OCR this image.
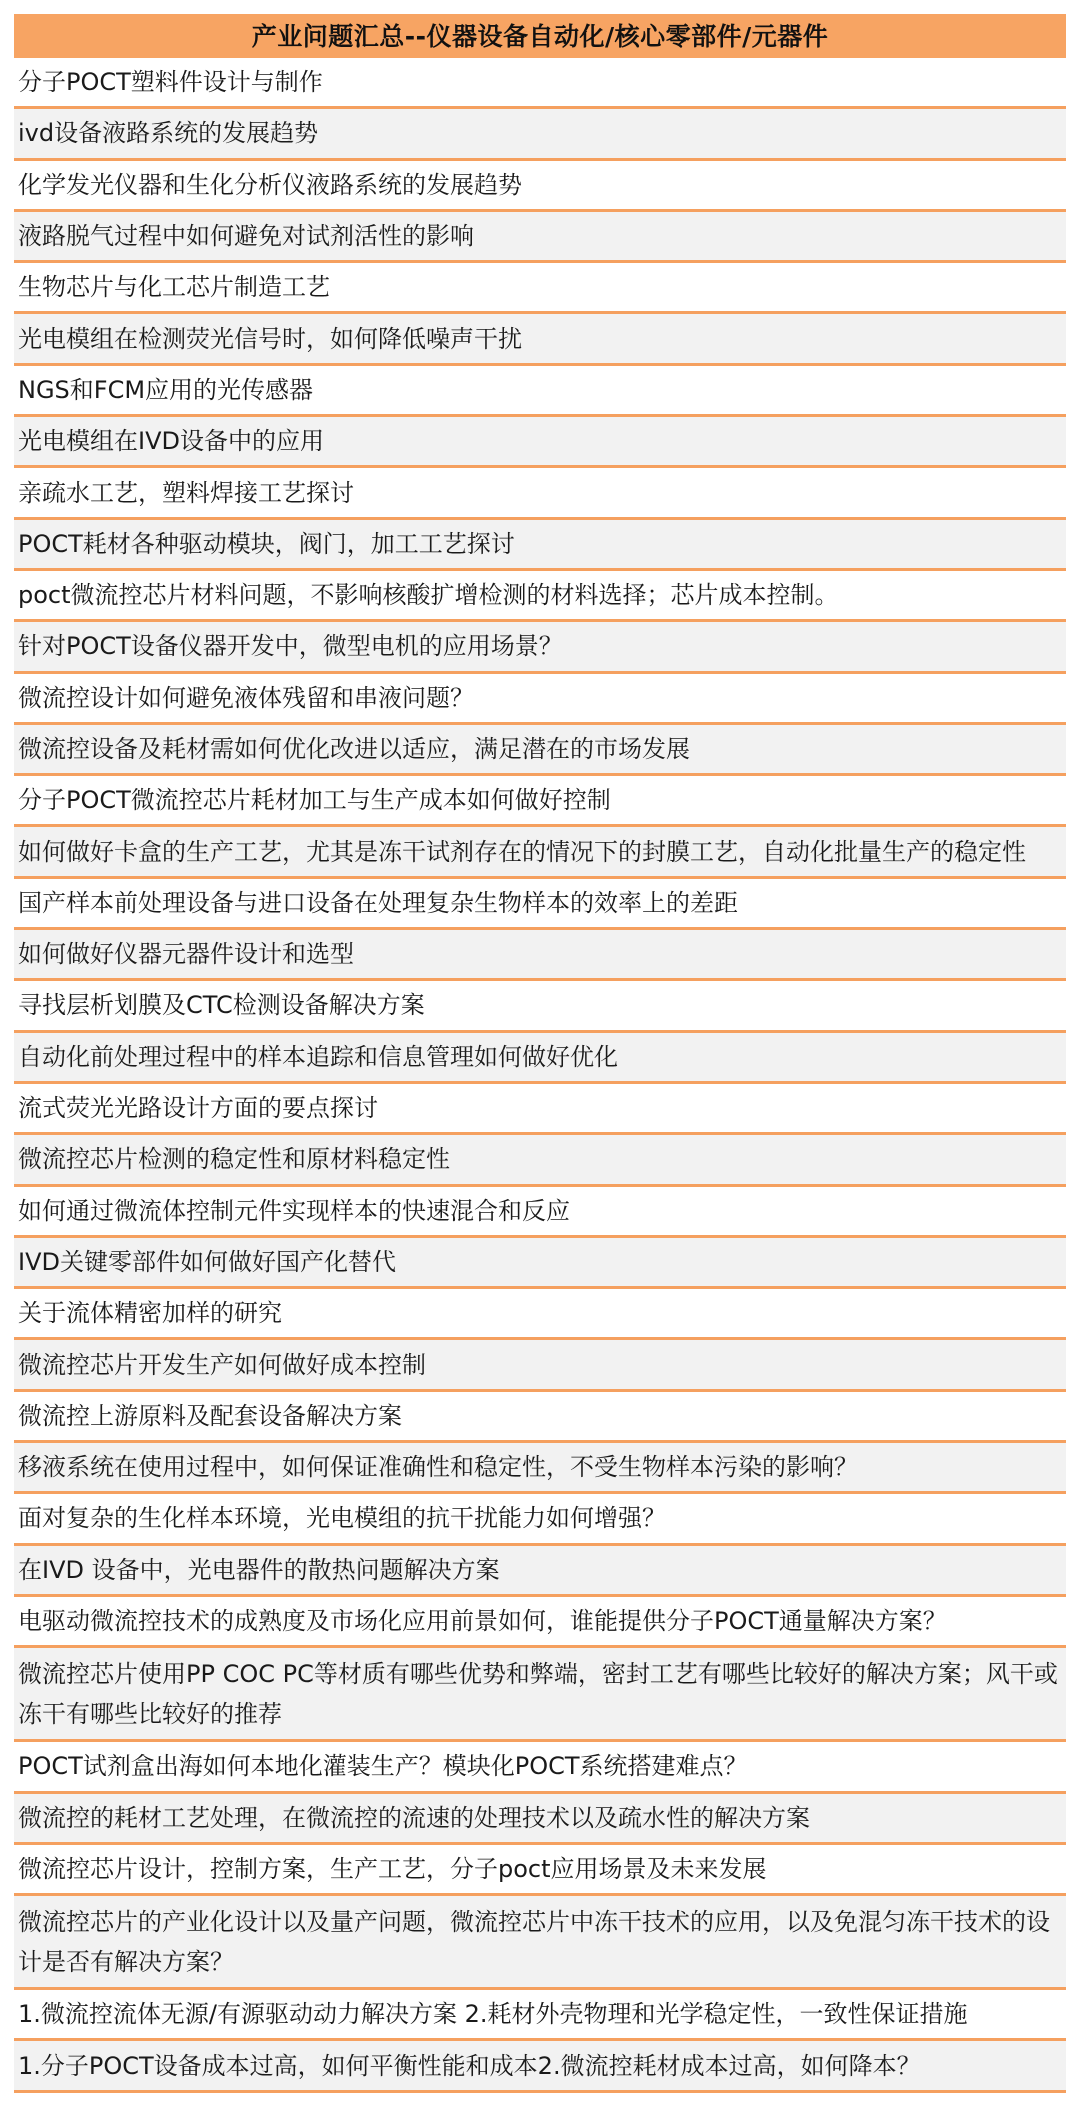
产业问题汇总--仪器设备自动化/核心零部件/元器件
分子POCT塑料件设计与制作
ivd设备液路系统的发展趋势
化学发光仪器和生化分析仪液路系统的发展趋势
液路脱气过程中如何避免对试剂活性的影响
生物芯片与化工芯片制造工艺
光电模组在检测荧光信号时，如何降低噪声干扰
NGS和FCM应用的光传感器
光电模组在IVD设备中的应用
亲疏水工艺，塑料焊接工艺探讨
POCT耗材各种驱动模块，阀门，加工工艺探讨
poct微流控芯片材料问题，不影响核酸扩增检测的材料选择；芯片成本控制。
针对POCT设备仪器开发中，微型电机的应用场景？
微流控设计如何避免液体残留和串液问题？
微流控设备及耗材需如何优化改进以适应，满足潜在的市场发展
分子POCT微流控芯片耗材加工与生产成本如何做好控制
如何做好卡盒的生产工艺，尤其是冻干试剂存在的情况下的封膜工艺，自动化批量生产的稳定性
国产样本前处理设备与进口设备在处理复杂生物样本的效率上的差距
如何做好仪器元器件设计和选型
寻找层析划膜及CTC检测设备解决方案
自动化前处理过程中的样本追踪和信息管理如何做好优化
流式荧光光路设计方面的要点探讨
微流控芯片检测的稳定性和原材料稳定性
如何通过微流体控制元件实现样本的快速混合和反应
IVD关键零部件如何做好国产化替代
关于流体精密加样的研究
微流控芯片开发生产如何做好成本控制
微流控上游原料及配套设备解决方案
移液系统在使用过程中，如何保证准确性和稳定性，不受生物样本污染的影响？
面对复杂的生化样本环境，光电模组的抗干扰能力如何增强？
在IVD 设备中，光电器件的散热问题解决方案
电驱动微流控技术的成熟度及市场化应用前景如何，谁能提供分子POCT通量解决方案？
微流控芯片使用PP COC PC等材质有哪些优势和弊端，密封工艺有哪些比较好的解决方案；风干或冻干有哪些比较好的推荐
POCT试剂盒出海如何本地化灌装生产？模块化POCT系统搭建难点？
微流控的耗材工艺处理，在微流控的流速的处理技术以及疏水性的解决方案
微流控芯片设计，控制方案，生产工艺，分子poct应用场景及未来发展
微流控芯片的产业化设计以及量产问题，微流控芯片中冻干技术的应用，以及免混匀冻干技术的设计是否有解决方案？
1.微流控流体无源/有源驱动动力解决方案 2.耗材外壳物理和光学稳定性，一致性保证措施
1.分子POCT设备成本过高，如何平衡性能和成本2.微流控耗材成本过高，如何降本？
